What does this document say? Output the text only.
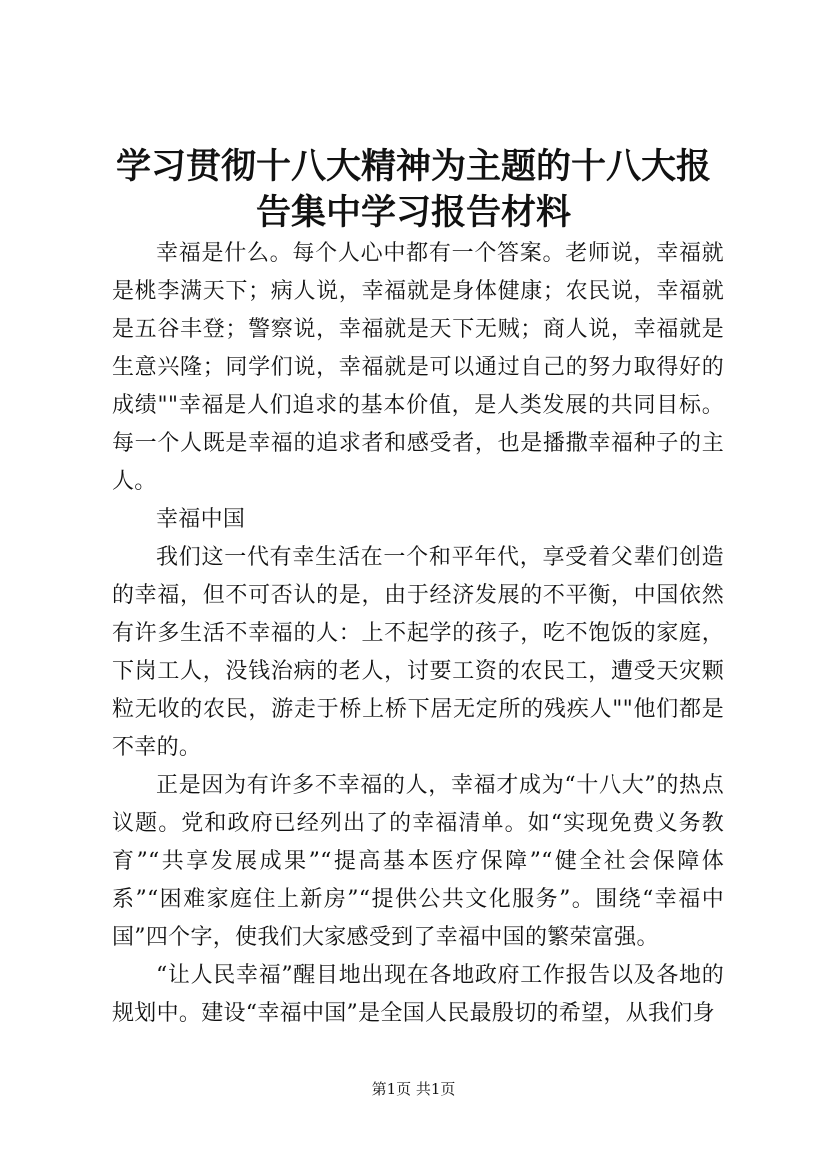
学习贯彻十八大精神为主题的十八大报告集中学习报告材料

幸福是什么。每个人心中都有一个答案。老师说，幸福就是桃李满天下；病人说，幸福就是身体健康；农民说，幸福就是五谷丰登；警察说，幸福就是天下无贼；商人说，幸福就是生意兴隆；同学们说，幸福就是可以通过自己的努力取得好的成绩""幸福是人们追求的基本价值，是人类发展的共同目标。每一个人既是幸福的追求者和感受者，也是播撒幸福种子的主人。

幸福中国

我们这一代有幸生活在一个和平年代，享受着父辈们创造的幸福，但不可否认的是，由于经济发展的不平衡，中国依然有许多生活不幸福的人：上不起学的孩子，吃不饱饭的家庭，下岗工人，没钱治病的老人，讨要工资的农民工，遭受天灾颗粒无收的农民，游走于桥上桥下居无定所的残疾人""他们都是不幸的。

正是因为有许多不幸福的人，幸福才成为“十八大”的热点议题。党和政府已经列出了的幸福清单。如“实现免费义务教育”“共享发展成果”“提高基本医疗保障”“健全社会保障体系”“困难家庭住上新房”“提供公共文化服务”。围绕“幸福中国”四个字，使我们大家感受到了幸福中国的繁荣富强。

“让人民幸福”醒目地出现在各地政府工作报告以及各地的规划中。建设“幸福中国”是全国人民最殷切的希望，从我们身

第1页 共1页
